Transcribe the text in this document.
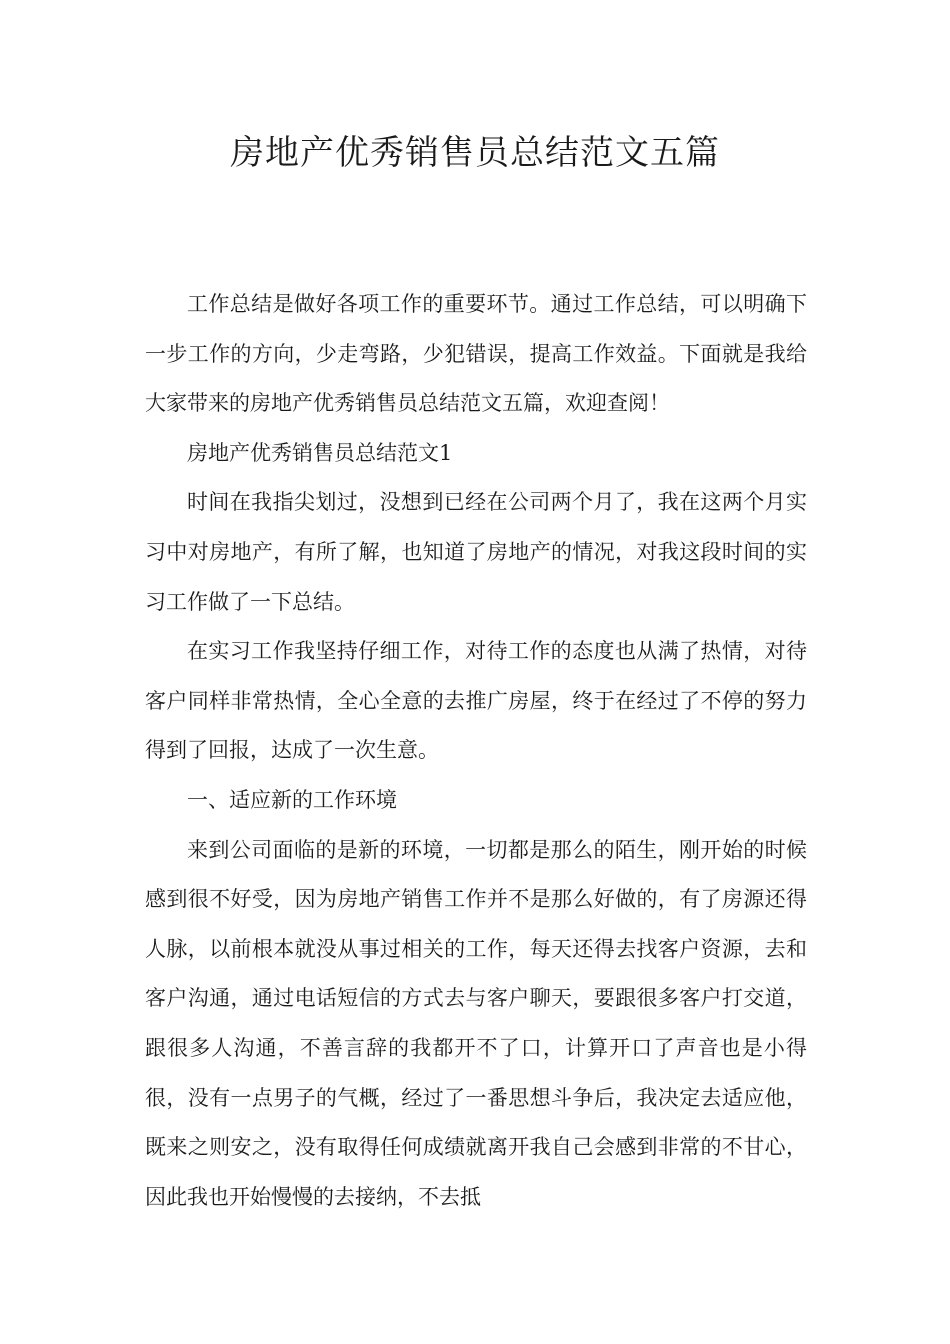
房地产优秀销售员总结范文五篇

工作总结是做好各项工作的重要环节。通过工作总结，可以明确下一步工作的方向，少走弯路，少犯错误，提高工作效益。下面就是我给大家带来的房地产优秀销售员总结范文五篇，欢迎查阅！

房地产优秀销售员总结范文1

时间在我指尖划过，没想到已经在公司两个月了，我在这两个月实习中对房地产，有所了解，也知道了房地产的情况，对我这段时间的实习工作做了一下总结。

在实习工作我坚持仔细工作，对待工作的态度也从满了热情，对待客户同样非常热情，全心全意的去推广房屋，终于在经过了不停的努力得到了回报，达成了一次生意。

一、适应新的工作环境

来到公司面临的是新的环境，一切都是那么的陌生，刚开始的时候感到很不好受，因为房地产销售工作并不是那么好做的，有了房源还得人脉，以前根本就没从事过相关的工作，每天还得去找客户资源，去和客户沟通，通过电话短信的方式去与客户聊天，要跟很多客户打交道，跟很多人沟通，不善言辞的我都开不了口，计算开口了声音也是小得很，没有一点男子的气概，经过了一番思想斗争后，我决定去适应他，既来之则安之，没有取得任何成绩就离开我自己会感到非常的不甘心，因此我也开始慢慢的去接纳，不去抵
